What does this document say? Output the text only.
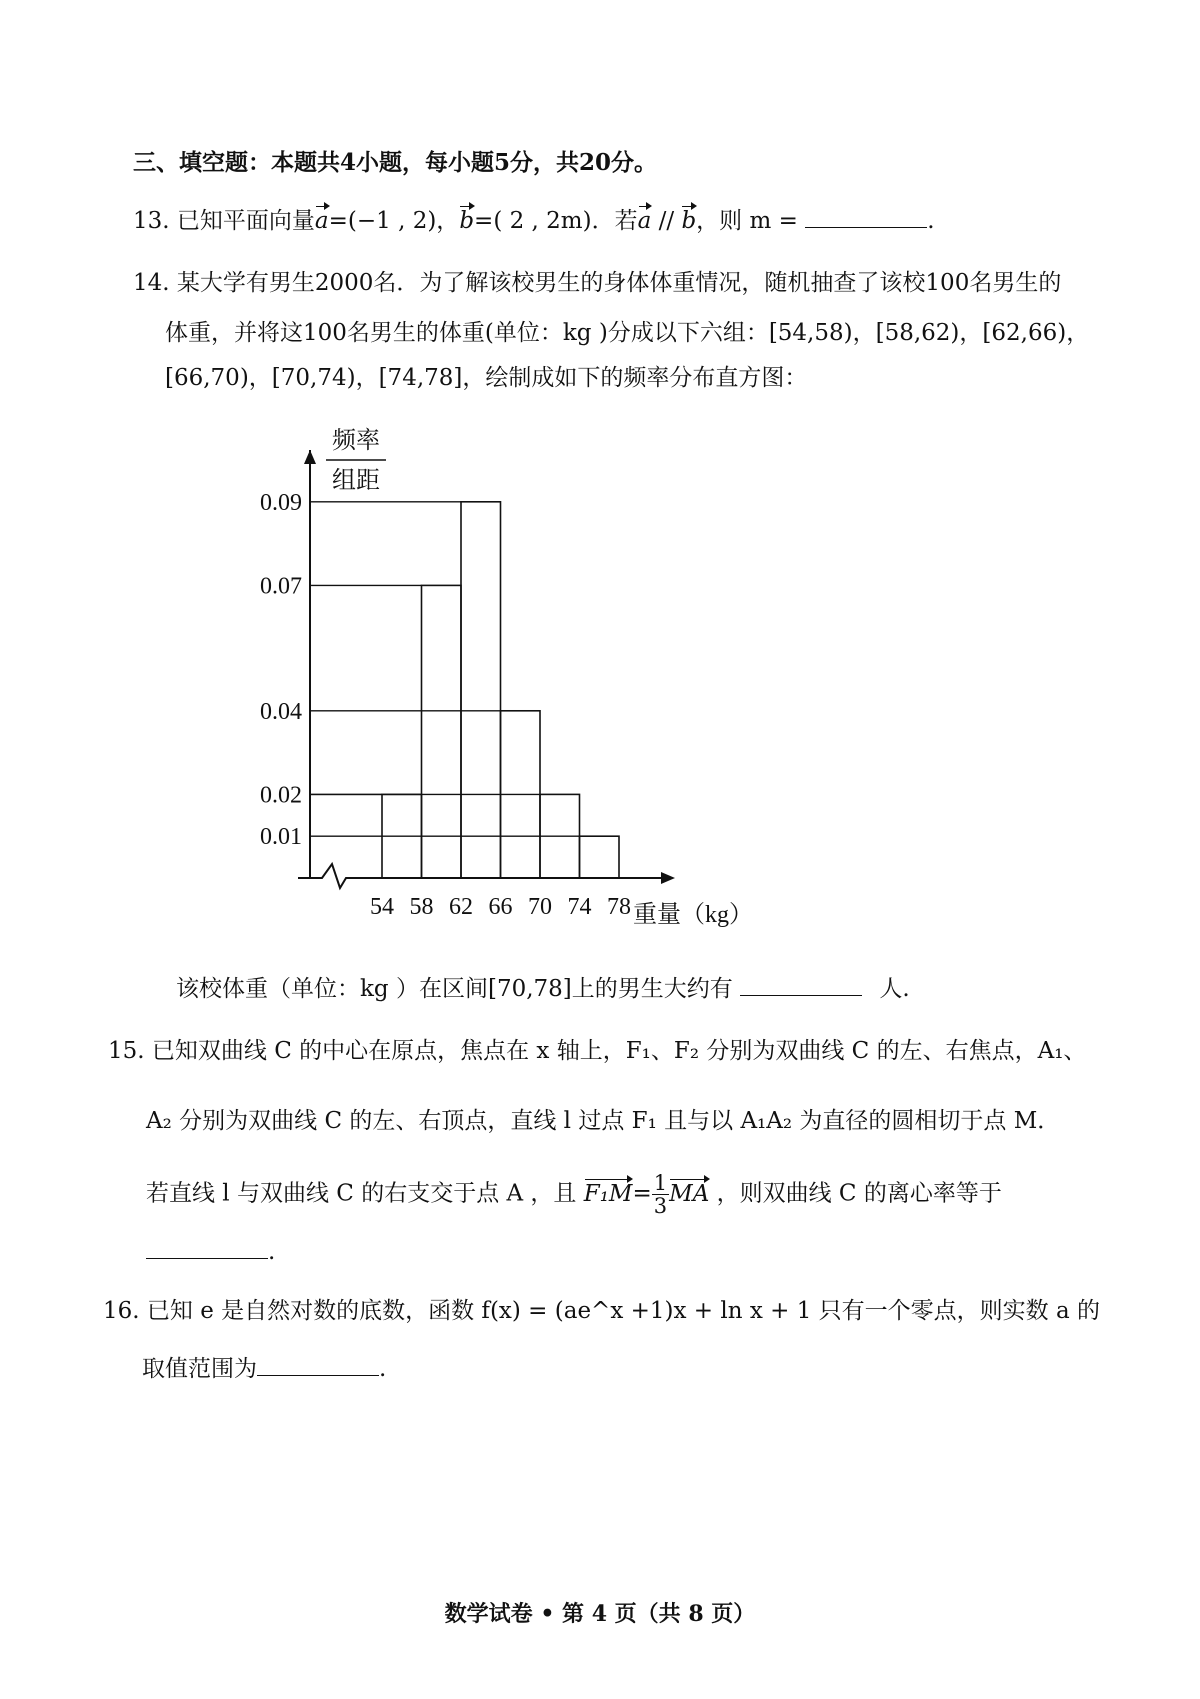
三、填空题：本题共4小题，每小题5分，共20分。
13. 已知平面向量a=(−1 , 2)，b=( 2 , 2m)．若a // b，则 m =	.
14. 某大学有男生2000名．为了解该校男生的身体体重情况，随机抽查了该校100名男生的
体重，并将这100名男生的体重(单位：kg )分成以下六组：[54,58)，[58,62)，[62,66)，
[66,70)，[70,74)，[74,78]，绘制成如下的频率分布直方图：
0.09
0.07
0.04
0.02
0.01
54 58 62 66 70 74 78 重量（kg）
频率
组距
该校体重（单位：kg ）在区间[70,78]上的男生大约有	人.
15. 已知双曲线 C 的中心在原点，焦点在 x 轴上，F₁、F₂ 分别为双曲线 C 的左、右焦点，A₁、
A₂ 分别为双曲线 C 的左、右顶点，直线 l 过点 F₁ 且与以 A₁A₂ 为直径的圆相切于点 M．
若直线 l 与双曲线 C 的右支交于点 A ，且 $F_1M= \frac{1}{3}$ MA ，则双曲线 C 的离心率等于
.
16. 已知 e 是自然对数的底数，函数 f(x) = (ae^x +1)x + ln x + 1 只有一个零点，则实数 a 的
取值范围为	.
数学试卷 • 第 4 页（共 8 页）
